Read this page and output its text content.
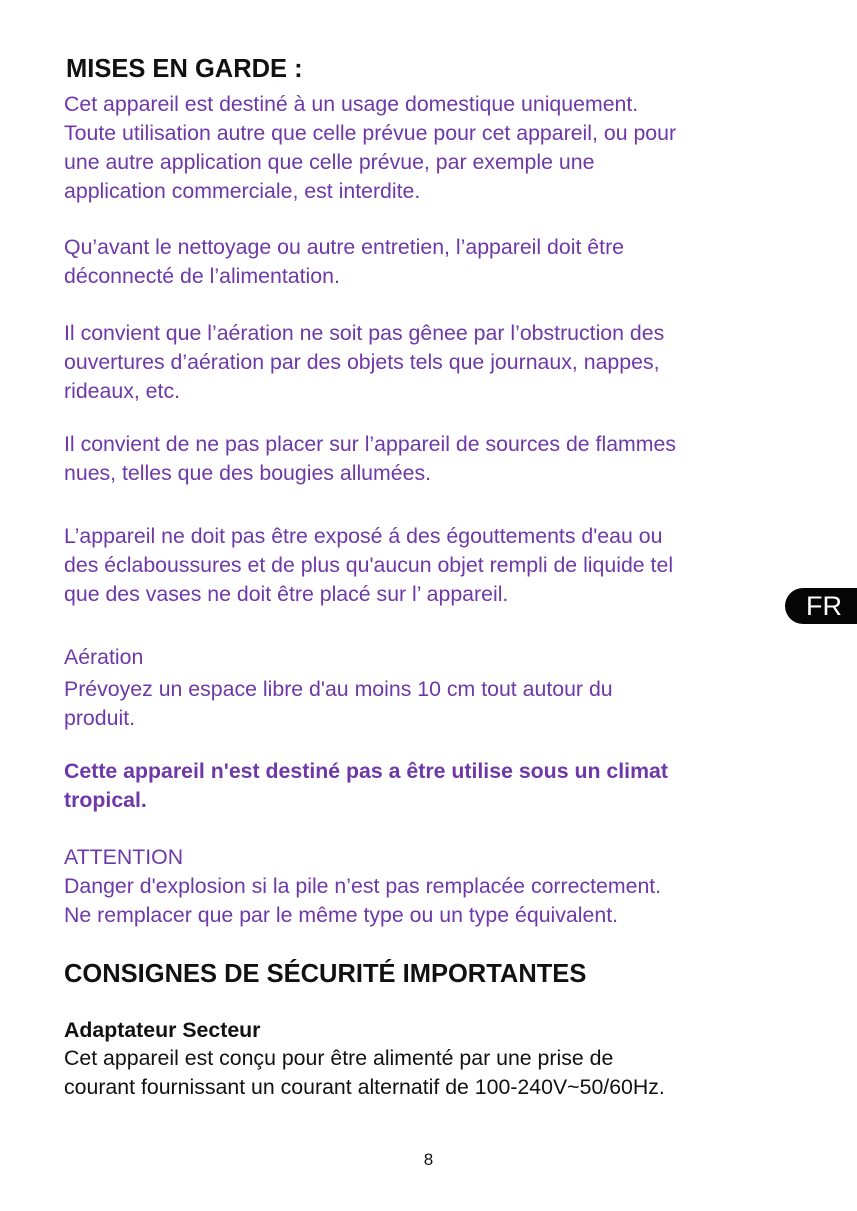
MISES EN GARDE :

Cet appareil est destiné à un usage domestique uniquement.

Toute utilisation autre que celle prévue pour cet appareil, ou pour

une autre application que celle prévue, par exemple une

application commerciale, est interdite.

Qu’avant le nettoyage ou autre entretien, l’appareil doit être

déconnecté de l’alimentation.

Il convient que l’aération ne soit pas gênee par l’obstruction des

ouvertures d’aération par des objets tels que journaux, nappes,

rideaux, etc.

Il convient de ne pas placer sur l’appareil de sources de flammes

nues, telles que des bougies allumées.

L’appareil ne doit pas être exposé á des égouttements d'eau ou

des éclaboussures et de plus qu'aucun objet rempli de liquide tel

que des vases ne doit être placé sur l’ appareil.	FR
Aération

Prévoyez un espace libre d'au moins 10 cm tout autour du

produit.

Cette appareil n'est destiné pas a être utilise sous un climat

tropical.

ATTENTION

Danger d'explosion si la pile n’est pas remplacée correctement.

Ne remplacer que par le même type ou un type équivalent.

CONSIGNES DE SÉCURITÉ IMPORTANTES
Adaptateur Secteur

Cet appareil est conçu pour être alimenté par une prise de

courant fournissant un courant alternatif de 100-240V~50/60Hz.

8
